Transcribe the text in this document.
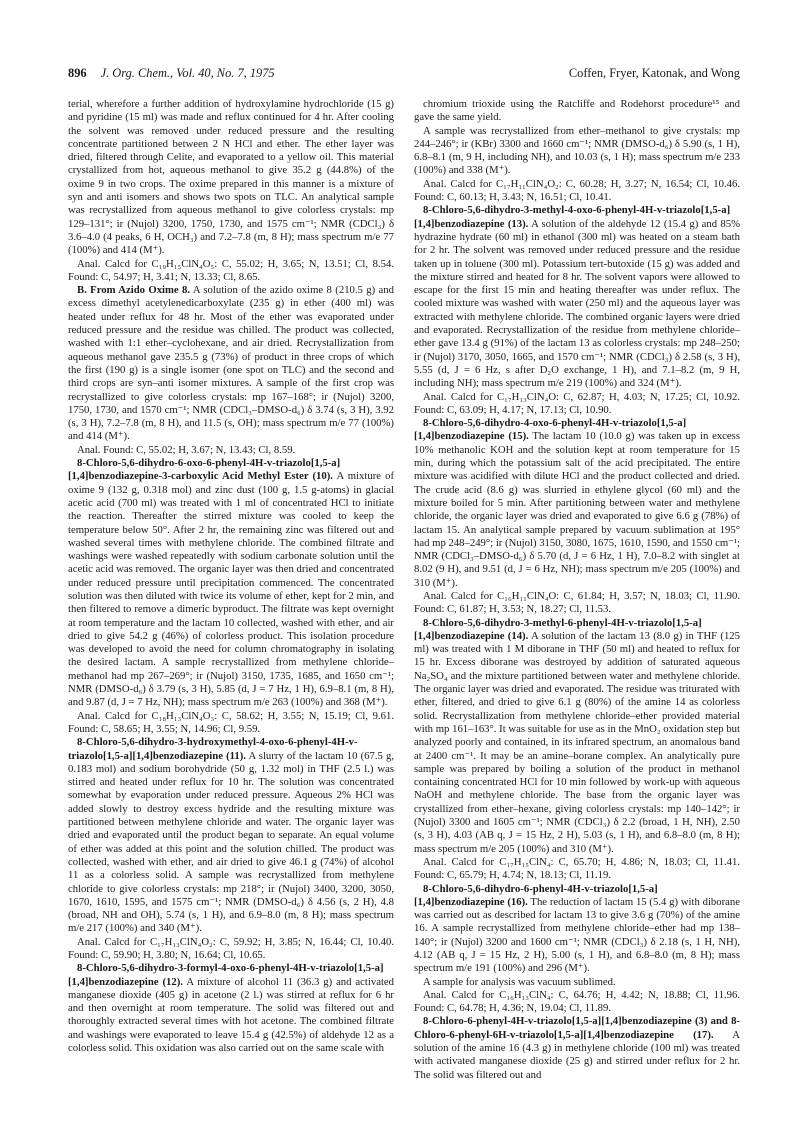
896 J. Org. Chem., Vol. 40, No. 7, 1975	Coffen, Fryer, Katonak, and Wong

terial, wherefore a further addition of hydroxylamine hydrochloride (15 g) and pyridine (15 ml) was made and reflux continued for 4 hr. After cooling the solvent was removed under reduced pressure and the resulting concentrate partitioned between 2 N HCl and ether. The ether layer was dried, filtered through Celite, and evaporated to a yellow oil. This material crystallized from hot, aqueous methanol to give 35.2 g (44.8%) of the oxime 9 in two crops. The oxime prepared in this manner is a mixture of syn and anti isomers and shows two spots on TLC. An analytical sample was recrystallized from aqueous methanol to give colorless crystals: mp 129–131°; ir (Nujol) 3200, 1750, 1730, and 1575 cm⁻¹; NMR (CDCl₃) δ 3.6–4.0 (4 peaks, 6 H, OCH₃) and 7.2–7.8 (m, 8 H); mass spectrum m/e 77 (100%) and 414 (M⁺).

Anal. Calcd for C₁₉H₁₅ClN₄O₅: C, 55.02; H, 3.65; N, 13.51; Cl, 8.54. Found: C, 54.97; H, 3.41; N, 13.33; Cl, 8.65.

B. From Azido Oxime 8. A solution of the azido oxime 8 (210.5 g) and excess dimethyl acetylenedicarboxylate (235 g) in ether (400 ml) was heated under reflux for 48 hr. Most of the ether was evaporated under reduced pressure and the residue was chilled. The product was collected, washed with 1:1 ether–cyclohexane, and air dried. Recrystallization from aqueous methanol gave 235.5 g (73%) of product in three crops of which the first (190 g) is a single isomer (one spot on TLC) and the second and third crops are syn–anti isomer mixtures. A sample of the first crop was recrystallized to give colorless crystals: mp 167–168°; ir (Nujol) 3200, 1750, 1730, and 1570 cm⁻¹; NMR (CDCl₃–DMSO-d₆) δ 3.74 (s, 3 H), 3.92 (s, 3 H), 7.2–7.8 (m, 8 H), and 11.5 (s, OH); mass spectrum m/e 77 (100%) and 414 (M⁺).

Anal. Found: C, 55.02; H, 3.67; N, 13.43; Cl, 8.59.

8-Chloro-5,6-dihydro-6-oxo-6-phenyl-4H-v-triazolo[1,5-a][1,4]benzodiazepine-3-carboxylic Acid Methyl Ester (10). A mixture of oxime 9 (132 g, 0.318 mol) and zinc dust (100 g, 1.5 g-atoms) in glacial acetic acid (700 ml) was treated with 1 ml of concentrated HCl to initiate the reaction. Thereafter the stirred mixture was cooled to keep the temperature below 50°. After 2 hr, the remaining zinc was filtered out and washed several times with methylene chloride. The combined filtrate and washings were washed repeatedly with sodium carbonate solution until the acetic acid was removed. The organic layer was then dried and concentrated under reduced pressure until precipitation commenced. The concentrated solution was then diluted with twice its volume of ether, kept for 2 min, and then filtered to remove a dimeric byproduct. The filtrate was kept overnight at room temperature and the lactam 10 collected, washed with ether, and air dried to give 54.2 g (46%) of colorless product. This isolation procedure was developed to avoid the need for column chromatography in isolating the desired lactam. A sample recrystallized from methylene chloride–methanol had mp 267–269°; ir (Nujol) 3150, 1735, 1685, and 1650 cm⁻¹; NMR (DMSO-d₆) δ 3.79 (s, 3 H), 5.85 (d, J = 7 Hz, 1 H), 6.9–8.1 (m, 8 H), and 9.87 (d, J = 7 Hz, NH); mass spectrum m/e 263 (100%) and 368 (M⁺).

Anal. Calcd for C₁₈H₁₃ClN₄O₃: C, 58.62; H, 3.55; N, 15.19; Cl, 9.61. Found: C, 58.65; H, 3.55; N, 14.96; Cl, 9.59.

8-Chloro-5,6-dihydro-3-hydroxymethyl-4-oxo-6-phenyl-4H-v-triazolo[1,5-a][1,4]benzodiazepine (11). A slurry of the lactam 10 (67.5 g, 0.183 mol) and sodium borohydride (50 g, 1.32 mol) in THF (2.5 l.) was stirred and heated under reflux for 10 hr. The solution was concentrated somewhat by evaporation under reduced pressure. Aqueous 2% HCl was added slowly to destroy excess hydride and the resulting mixture was partitioned between methylene chloride and water. The organic layer was dried and evaporated until the product began to separate. An equal volume of ether was added at this point and the solution chilled. The product was collected, washed with ether, and air dried to give 46.1 g (74%) of alcohol 11 as a colorless solid. A sample was recrystallized from methylene chloride to give colorless crystals: mp 218°; ir (Nujol) 3400, 3200, 3050, 1670, 1610, 1595, and 1575 cm⁻¹; NMR (DMSO-d₆) δ 4.56 (s, 2 H), 4.8 (broad, NH and OH), 5.74 (s, 1 H), and 6.9–8.0 (m, 8 H); mass spectrum m/e 217 (100%) and 340 (M⁺).

Anal. Calcd for C₁₇H₁₃ClN₄O₂: C, 59.92; H, 3.85; N, 16.44; Cl, 10.40. Found: C, 59.90; H, 3.80; N, 16.64; Cl, 10.65.

8-Chloro-5,6-dihydro-3-formyl-4-oxo-6-phenyl-4H-v-triazolo[1,5-a][1,4]benzodiazepine (12). A mixture of alcohol 11 (36.3 g) and activated manganese dioxide (405 g) in acetone (2 l.) was stirred at reflux for 6 hr and then overnight at room temperature. The solid was filtered out and thoroughly extracted several times with hot acetone. The combined filtrate and washings were evaporated to leave 15.4 g (42.5%) of aldehyde 12 as a colorless solid. This oxidation was also carried out on the same scale with

chromium trioxide using the Ratcliffe and Rodehorst procedure¹⁵ and gave the same yield.

A sample was recrystallized from ether–methanol to give crystals: mp 244–246°; ir (KBr) 3300 and 1660 cm⁻¹; NMR (DMSO-d₆) δ 5.90 (s, 1 H), 6.8–8.1 (m, 9 H, including NH), and 10.03 (s, 1 H); mass spectrum m/e 233 (100%) and 338 (M⁺).

Anal. Calcd for C₁₇H₁₁ClN₄O₂: C, 60.28; H, 3.27; N, 16.54; Cl, 10.46. Found: C, 60.13; H, 3.43; N, 16.51; Cl, 10.41.

8-Chloro-5,6-dihydro-3-methyl-4-oxo-6-phenyl-4H-v-triazolo[1,5-a][1,4]benzodiazepine (13). A solution of the aldehyde 12 (15.4 g) and 85% hydrazine hydrate (60 ml) in ethanol (300 ml) was heated on a steam bath for 2 hr. The solvent was removed under reduced pressure and the residue taken up in toluene (300 ml). Potassium tert-butoxide (15 g) was added and the mixture stirred and heated for 8 hr. The solvent vapors were allowed to escape for the first 15 min and heating thereafter was under reflux. The cooled mixture was washed with water (250 ml) and the aqueous layer was extracted with methylene chloride. The combined organic layers were dried and evaporated. Recrystallization of the residue from methylene chloride–ether gave 13.4 g (91%) of the lactam 13 as colorless crystals: mp 248–250; ir (Nujol) 3170, 3050, 1665, and 1570 cm⁻¹; NMR (CDCl₃) δ 2.58 (s, 3 H), 5.55 (d, J = 6 Hz, s after D₂O exchange, 1 H), and 7.1–8.2 (m, 9 H, including NH); mass spectrum m/e 219 (100%) and 324 (M⁺).

Anal. Calcd for C₁₇H₁₃ClN₄O: C, 62.87; H, 4.03; N, 17.25; Cl, 10.92. Found: C, 63.09; H, 4.17; N, 17.13; Cl, 10.90.

8-Chloro-5,6-dihydro-4-oxo-6-phenyl-4H-v-triazolo[1,5-a][1,4]benzodiazepine (15). The lactam 10 (10.0 g) was taken up in excess 10% methanolic KOH and the solution kept at room temperature for 15 min, during which the potassium salt of the acid precipitated. The entire mixture was acidified with dilute HCl and the product collected and dried. The crude acid (8.6 g) was slurried in ethylene glycol (60 ml) and the mixture boiled for 5 min. After partitioning between water and methylene chloride, the organic layer was dried and evaporated to give 6.6 g (78%) of lactam 15. An analytical sample prepared by vacuum sublimation at 195° had mp 248–249°; ir (Nujol) 3150, 3080, 1675, 1610, 1590, and 1550 cm⁻¹; NMR (CDCl₃–DMSO-d₆) δ 5.70 (d, J = 6 Hz, 1 H), 7.0–8.2 with singlet at 8.02 (9 H), and 9.51 (d, J = 6 Hz, NH); mass spectrum m/e 205 (100%) and 310 (M⁺).

Anal. Calcd for C₁₆H₁₁ClN₄O: C, 61.84; H, 3.57; N, 18.03; Cl, 11.90. Found: C, 61.87; H, 3.53; N, 18.27; Cl, 11.53.

8-Chloro-5,6-dihydro-3-methyl-6-phenyl-4H-v-triazolo[1,5-a][1,4]benzodiazepine (14). A solution of the lactam 13 (8.0 g) in THF (125 ml) was treated with 1 M diborane in THF (50 ml) and heated to reflux for 15 hr. Excess diborane was destroyed by addition of saturated aqueous Na₂SO₄ and the mixture partitioned between water and methylene chloride. The organic layer was dried and evaporated. The residue was triturated with ether, filtered, and dried to give 6.1 g (80%) of the amine 14 as colorless solid. Recrystallization from methylene chloride–ether provided material with mp 161–163°. It was suitable for use as in the MnO₂ oxidation step but analyzed poorly and contained, in its infrared spectrum, an anomalous band at 2400 cm⁻¹. It may be an amine–borane complex. An analytically pure sample was prepared by boiling a solution of the product in methanol containing concentrated HCl for 10 min followed by work-up with aqueous NaOH and methylene chloride. The base from the organic layer was crystallized from ether–hexane, giving colorless crystals: mp 140–142°; ir (Nujol) 3300 and 1605 cm⁻¹; NMR (CDCl₃) δ 2.2 (broad, 1 H, NH), 2.50 (s, 3 H), 4.03 (AB q, J = 15 Hz, 2 H), 5.03 (s, 1 H), and 6.8–8.0 (m, 8 H); mass spectrum m/e 205 (100%) and 310 (M⁺).

Anal. Calcd for C₁₇H₁₅ClN₄: C, 65.70; H, 4.86; N, 18.03; Cl, 11.41. Found: C, 65.79; H, 4.74; N, 18.13; Cl, 11.19.

8-Chloro-5,6-dihydro-6-phenyl-4H-v-triazolo[1,5-a][1,4]benzodiazepine (16). The reduction of lactam 15 (5.4 g) with diborane was carried out as described for lactam 13 to give 3.6 g (70%) of the amine 16. A sample recrystallized from methylene chloride–ether had mp 138–140°; ir (Nujol) 3200 and 1600 cm⁻¹; NMR (CDCl₃) δ 2.18 (s, 1 H, NH), 4.12 (AB q, J = 15 Hz, 2 H), 5.00 (s, 1 H), and 6.8–8.0 (m, 8 H); mass spectrum m/e 191 (100%) and 296 (M⁺).

A sample for analysis was vacuum sublimed.

Anal. Calcd for C₁₆H₁₃ClN₄: C, 64.76; H, 4.42; N, 18.88; Cl, 11.96. Found: C, 64.78; H, 4.36; N, 19.04; Cl, 11.89.

8-Chloro-6-phenyl-4H-v-triazolo[1,5-a][1,4]benzodiazepine (3) and 8-Chloro-6-phenyl-6H-v-triazolo[1,5-a][1,4]benzodiazepine (17). A solution of the amine 16 (4.3 g) in methylene chloride (100 ml) was treated with activated manganese dioxide (25 g) and stirred under reflux for 2 hr. The solid was filtered out and
